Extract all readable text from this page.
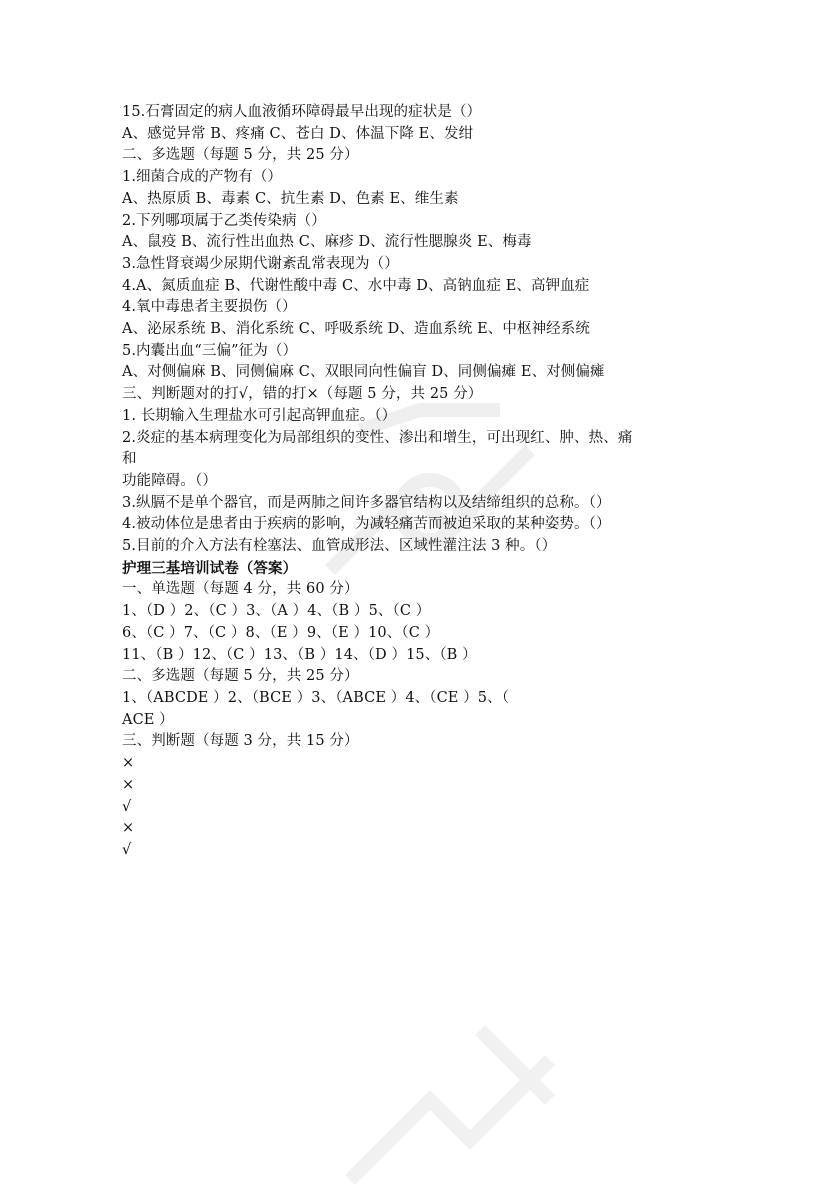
15.石膏固定的病人血液循环障碍最早出现的症状是（）
A、感觉异常 B、疼痛 C、苍白 D、体温下降 E、发绀
二、多选题（每题 5 分，共 25 分）
1.细菌合成的产物有（）
A、热原质 B、毒素 C、抗生素 D、色素 E、维生素
2.下列哪项属于乙类传染病（）
A、鼠疫 B、流行性出血热 C、麻疹 D、流行性腮腺炎 E、梅毒
3.急性肾衰竭少尿期代谢紊乱常表现为（）
4.A、氮质血症 B、代谢性酸中毒 C、水中毒 D、高钠血症 E、高钾血症
4.氧中毒患者主要损伤（）
A、泌尿系统 B、消化系统 C、呼吸系统 D、造血系统 E、中枢神经系统
5.内囊出血“三偏”征为（）
A、对侧偏麻 B、同侧偏麻 C、双眼同向性偏盲 D、同侧偏瘫 E、对侧偏瘫
三、判断题对的打√，错的打×（每题 5 分，共 25 分）
1. 长期输入生理盐水可引起高钾血症。（）
2.炎症的基本病理变化为局部组织的变性、渗出和增生，可出现红、肿、热、痛
和
功能障碍。（）
3.纵膈不是单个器官，而是两肺之间许多器官结构以及结缔组织的总称。（）
4.被动体位是患者由于疾病的影响，为减轻痛苦而被迫采取的某种姿势。（）
5.目前的介入方法有栓塞法、血管成形法、区域性灌注法 3 种。（）
护理三基培训试卷（答案）
一、单选题（每题 4 分，共 60 分）
1、（D ）2、（C ）3、（A ）4、（B ）5、（C ）
6、（C ）7、（C ）8、（E ）9、（E ）10、（C ）
11、（B ）12、（C ）13、（B ）14、（D ）15、（B ）
二、多选题（每题 5 分，共 25 分）
1、（ABCDE ）2、（BCE ）3、（ABCE ）4、（CE ）5、（
ACE ）
三、判断题（每题 3 分，共 15 分）
×
×
√
×
√
